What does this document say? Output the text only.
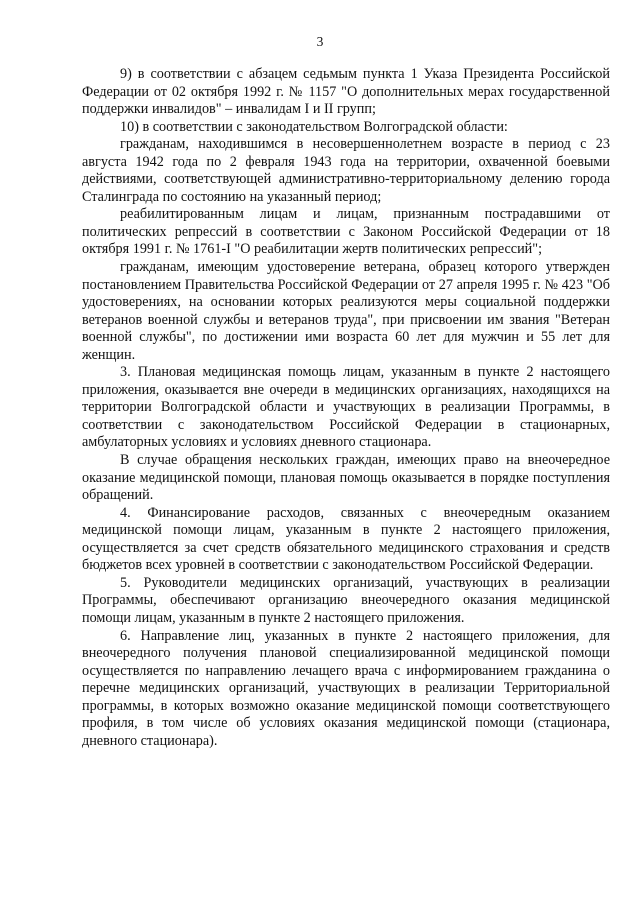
3

9) в соответствии с абзацем седьмым пункта 1 Указа Президента Российской Федерации от 02 октября 1992 г. № 1157 "О дополнительных мерах государственной поддержки инвалидов" – инвалидам I и II групп;

10) в соответствии с законодательством Волгоградской области:

гражданам, находившимся в несовершеннолетнем возрасте в период с 23 августа 1942 года по 2 февраля 1943 года на территории, охваченной боевыми действиями, соответствующей административно-территориальному делению города Сталинграда по состоянию на указанный период;

реабилитированным лицам и лицам, признанным пострадавшими от политических репрессий в соответствии с Законом Российской Федерации от 18 октября 1991 г. № 1761-I "О реабилитации жертв политических репрессий";

гражданам, имеющим удостоверение ветерана, образец которого утвержден постановлением Правительства Российской Федерации от 27 апреля 1995 г. № 423 "Об удостоверениях, на основании которых реализуются меры социальной поддержки ветеранов военной службы и ветеранов труда", при присвоении им звания "Ветеран военной службы", по достижении ими возраста 60 лет для мужчин и 55 лет для женщин.

3. Плановая медицинская помощь лицам, указанным в пункте 2 настоящего приложения, оказывается вне очереди в медицинских организациях, находящихся на территории Волгоградской области и участвующих в реализации Программы, в соответствии с законодательством Российской Федерации в стационарных, амбулаторных условиях и условиях дневного стационара.

В случае обращения нескольких граждан, имеющих право на внеочередное оказание медицинской помощи, плановая помощь оказывается в порядке поступления обращений.

4. Финансирование расходов, связанных с внеочередным оказанием медицинской помощи лицам, указанным в пункте 2 настоящего приложения, осуществляется за счет средств обязательного медицинского страхования и средств бюджетов всех уровней в соответствии с законодательством Российской Федерации.

5. Руководители медицинских организаций, участвующих в реализации Программы, обеспечивают организацию внеочередного оказания медицинской помощи лицам, указанным в пункте 2 настоящего приложения.

6. Направление лиц, указанных в пункте 2 настоящего приложения, для внеочередного получения плановой специализированной медицинской помощи осуществляется по направлению лечащего врача с информированием гражданина о перечне медицинских организаций, участвующих в реализации Территориальной программы, в которых возможно оказание медицинской помощи соответствующего профиля, в том числе об условиях оказания медицинской помощи (стационара, дневного стационара).
